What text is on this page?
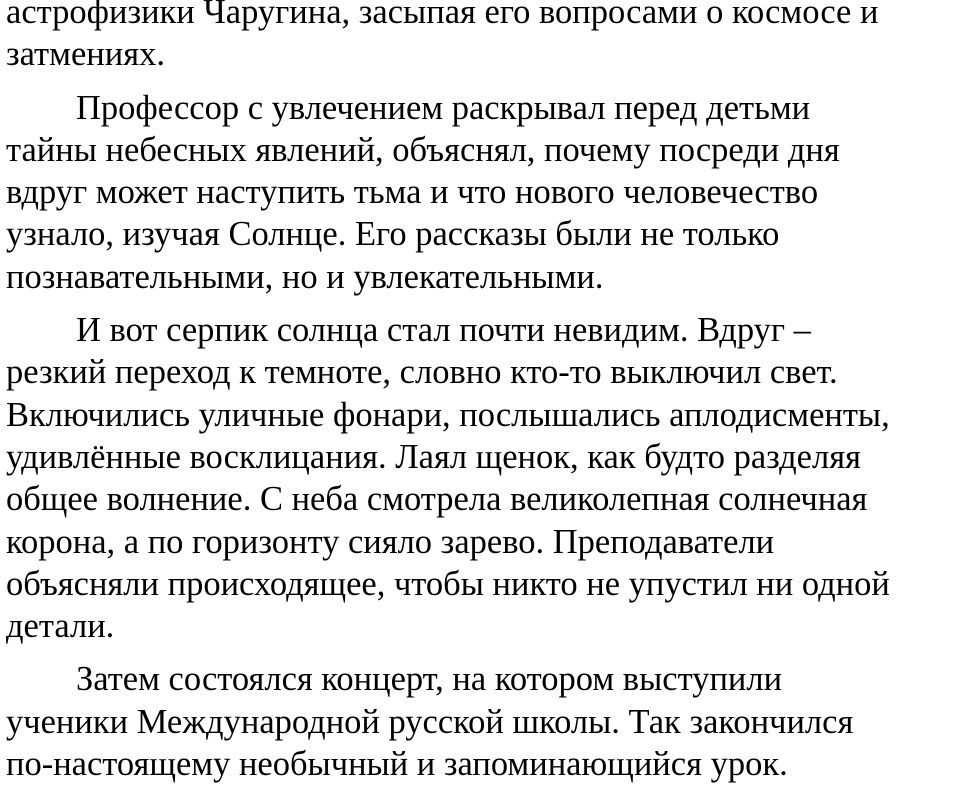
астрофизики Чаругина, засыпая его вопросами о космосе и
затмениях.

Профессор с увлечением раскрывал перед детьми
тайны небесных явлений, объяснял, почему посреди дня
вдруг может наступить тьма и что нового человечество
узнало, изучая Солнце. Его рассказы были не только
познавательными, но и увлекательными.

И вот серпик солнца стал почти невидим. Вдруг –
резкий переход к темноте, словно кто-то выключил свет.
Включились уличные фонари, послышались аплодисменты,
удивлённые восклицания. Лаял щенок, как будто разделяя
общее волнение. С неба смотрела великолепная солнечная
корона, а по горизонту сияло зарево. Преподаватели
объясняли происходящее, чтобы никто не упустил ни одной
детали.

Затем состоялся концерт, на котором выступили
ученики Международной русской школы. Так закончился
по-настоящему необычный и запоминающийся урок.
